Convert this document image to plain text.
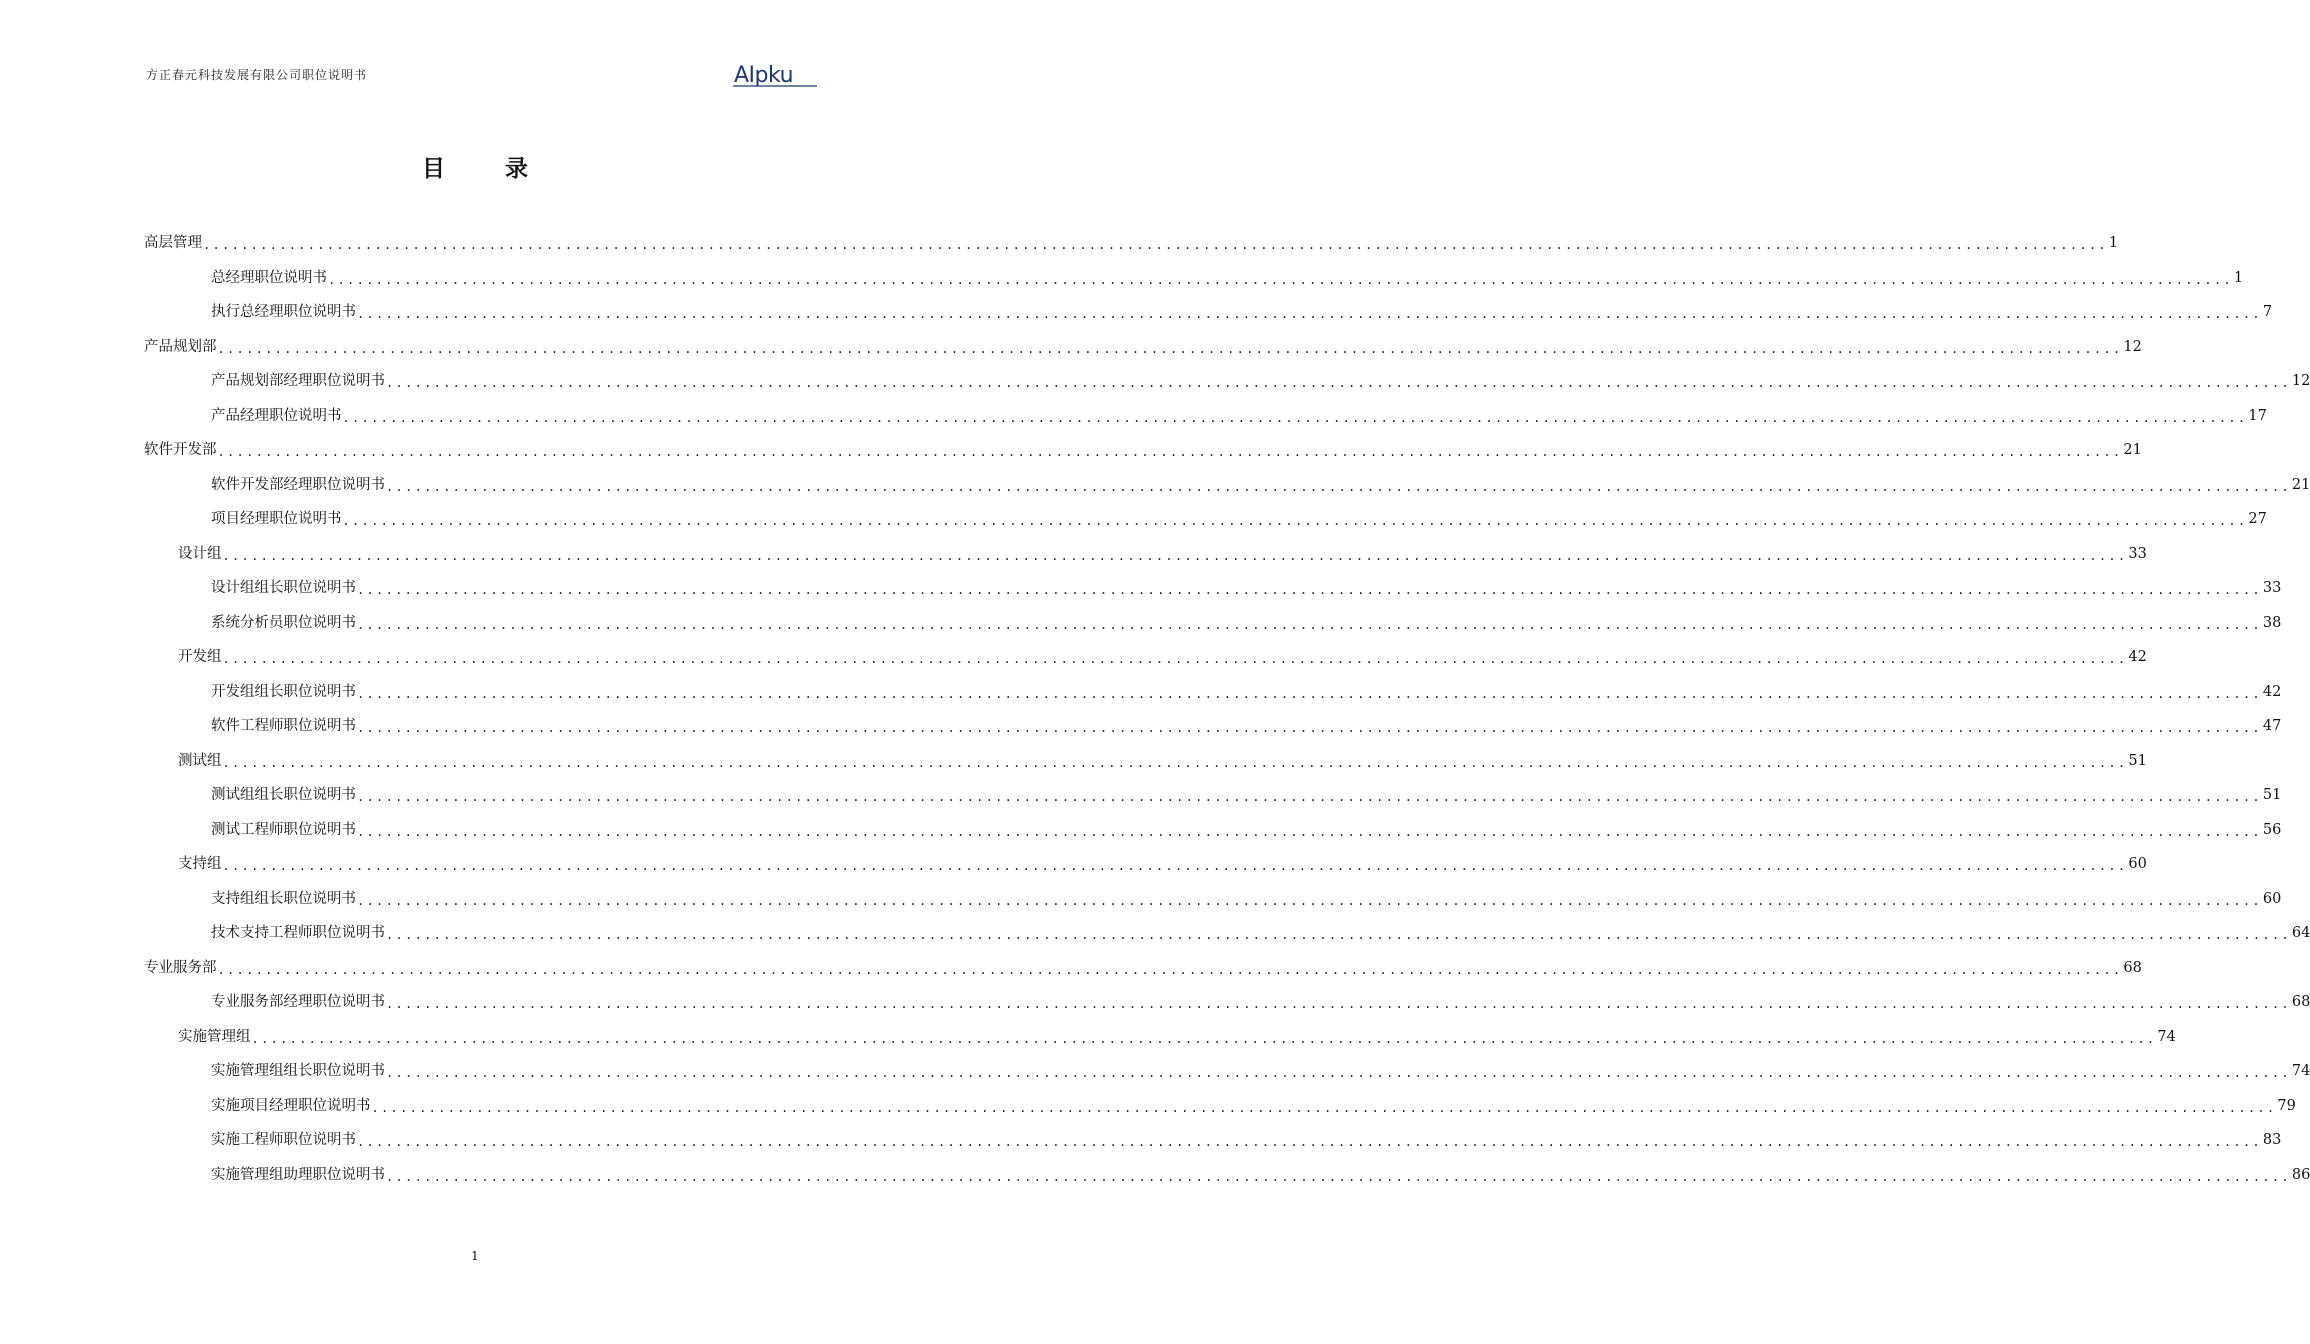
方正春元科技发展有限公司职位说明书	AIpku
目 录
高层管理 ........................................................................................................................................................................................................ 1
总经理职位说明书 ........................................................................................................................................................................................................ 1
执行总经理职位说明书 ........................................................................................................................................................................................................ 7
产品规划部 ........................................................................................................................................................................................................ 12
产品规划部经理职位说明书 ........................................................................................................................................................................................................ 12
产品经理职位说明书 ........................................................................................................................................................................................................ 17
软件开发部 ........................................................................................................................................................................................................ 21
软件开发部经理职位说明书 ........................................................................................................................................................................................................ 21
项目经理职位说明书 ........................................................................................................................................................................................................ 27
设计组 ........................................................................................................................................................................................................ 33
设计组组长职位说明书 ........................................................................................................................................................................................................ 33
系统分析员职位说明书 ........................................................................................................................................................................................................ 38
开发组 ........................................................................................................................................................................................................ 42
开发组组长职位说明书 ........................................................................................................................................................................................................ 42
软件工程师职位说明书 ........................................................................................................................................................................................................ 47
测试组 ........................................................................................................................................................................................................ 51
测试组组长职位说明书 ........................................................................................................................................................................................................ 51
测试工程师职位说明书 ........................................................................................................................................................................................................ 56
支持组 ........................................................................................................................................................................................................ 60
支持组组长职位说明书 ........................................................................................................................................................................................................ 60
技术支持工程师职位说明书 ........................................................................................................................................................................................................ 64
专业服务部 ........................................................................................................................................................................................................ 68
专业服务部经理职位说明书 ........................................................................................................................................................................................................ 68
实施管理组 ........................................................................................................................................................................................................ 74
实施管理组组长职位说明书 ........................................................................................................................................................................................................ 74
实施项目经理职位说明书 ........................................................................................................................................................................................................ 79
实施工程师职位说明书 ........................................................................................................................................................................................................ 83
实施管理组助理职位说明书 ........................................................................................................................................................................................................ 86
1
